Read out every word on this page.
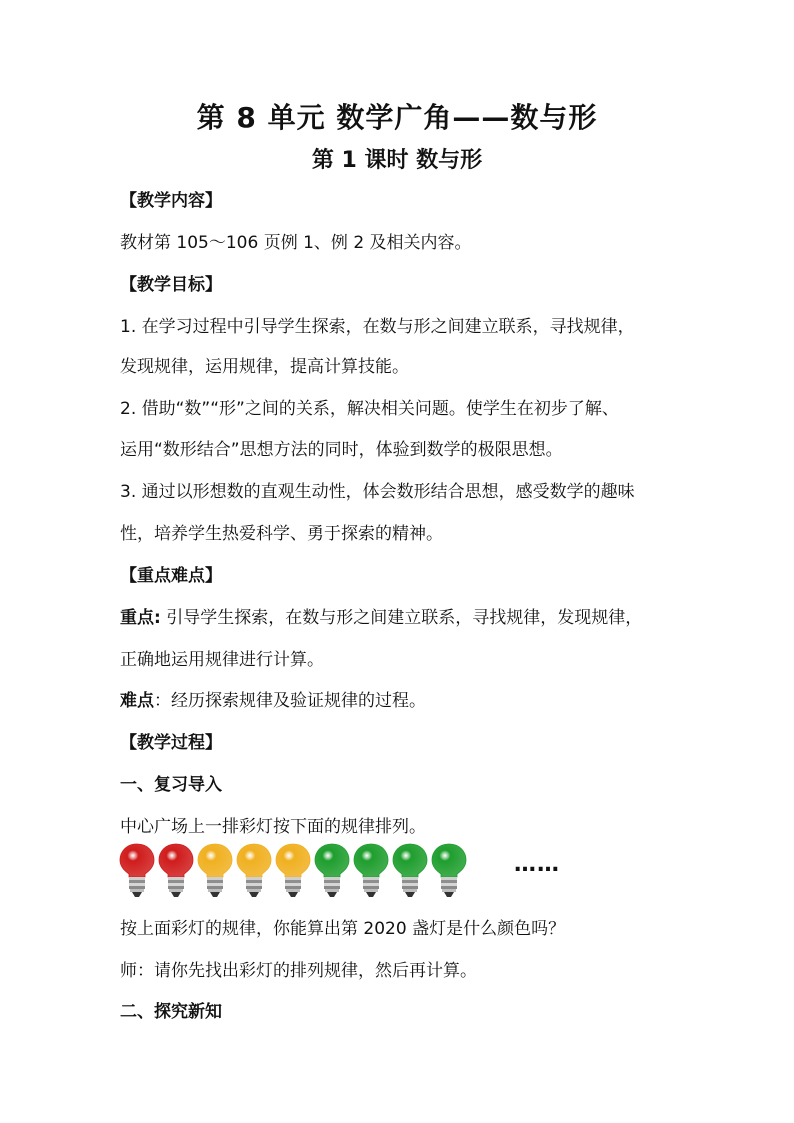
第 8 单元 数学广角——数与形
第 1 课时 数与形
【教学内容】
教材第 105～106 页例 1、例 2 及相关内容。
【教学目标】
1. 在学习过程中引导学生探索，在数与形之间建立联系，寻找规律，
发现规律，运用规律，提高计算技能。
2. 借助“数”“形”之间的关系，解决相关问题。使学生在初步了解、
运用“数形结合”思想方法的同时，体验到数学的极限思想。
3. 通过以形想数的直观生动性，体会数形结合思想，感受数学的趣味
性，培养学生热爱科学、勇于探索的精神。
【重点难点】
重点: 引导学生探索，在数与形之间建立联系，寻找规律，发现规律，
正确地运用规律进行计算。
难点：经历探索规律及验证规律的过程。
【教学过程】
一、复习导入
中心广场上一排彩灯按下面的规律排列。
……
按上面彩灯的规律，你能算出第 2020 盏灯是什么颜色吗？
师：请你先找出彩灯的排列规律，然后再计算。
二、探究新知
